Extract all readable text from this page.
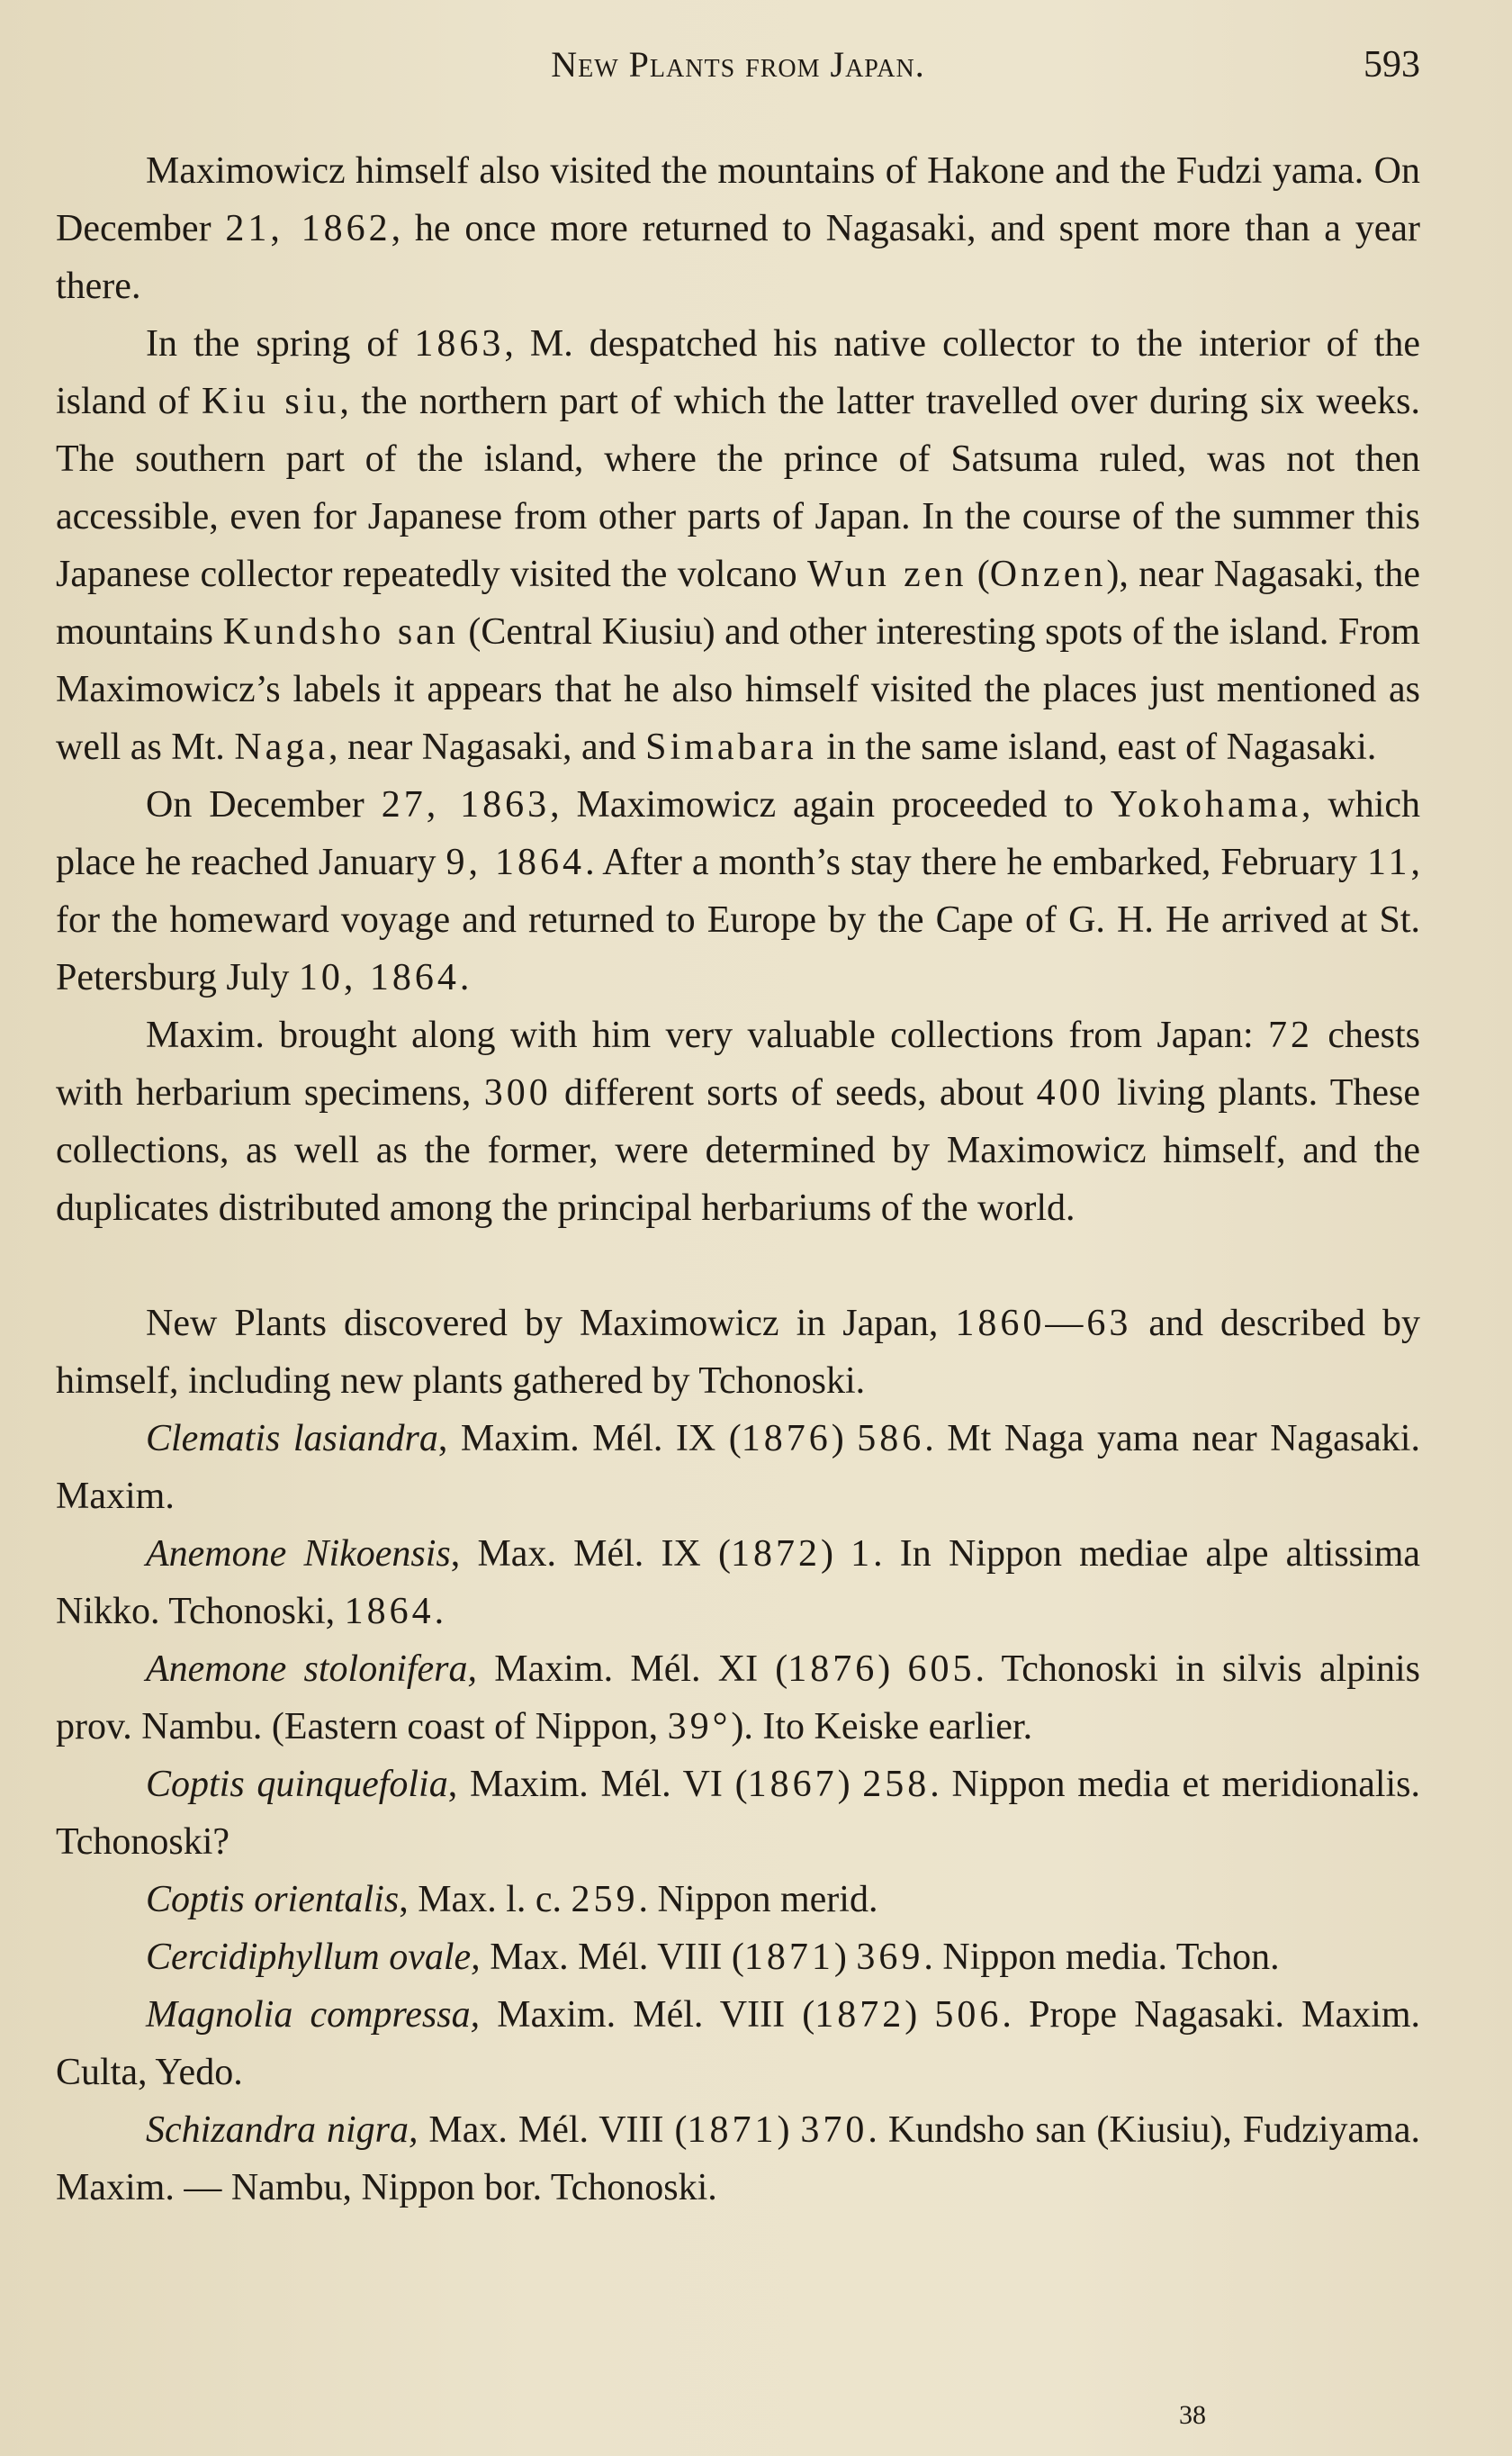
New Plants from Japan.	593

Maximowicz himself also visited the mountains of Hakone and the Fudzi yama. On December 21, 1862, he once more returned to Nagasaki, and spent more than a year there.

In the spring of 1863, M. despatched his native collector to the interior of the island of Kiu siu, the northern part of which the latter travelled over during six weeks. The southern part of the island, where the prince of Satsuma ruled, was not then accessible, even for Japanese from other parts of Japan. In the course of the summer this Japanese collector repeatedly visited the volcano Wun zen (Onzen), near Nagasaki, the mountains Kundsho san (Central Kiusiu) and other interesting spots of the island. From Maximowicz’s labels it appears that he also himself visited the places just mentioned as well as Mt. Naga, near Nagasaki, and Simabara in the same island, east of Nagasaki.

On December 27, 1863, Maximowicz again proceeded to Yokohama, which place he reached January 9, 1864. After a month’s stay there he embarked, February 11, for the homeward voyage and returned to Europe by the Cape of G. H. He arrived at St. Petersburg July 10, 1864.

Maxim. brought along with him very valuable collections from Japan: 72 chests with herbarium specimens, 300 different sorts of seeds, about 400 living plants. These collections, as well as the former, were determined by Maximowicz himself, and the duplicates distributed among the principal herbariums of the world.

New Plants discovered by Maximowicz in Japan, 1860—63 and described by himself, including new plants gathered by Tchonoski.

Clematis lasiandra, Maxim. Mél. IX (1876) 586. Mt Naga yama near Nagasaki. Maxim.

Anemone Nikoensis, Max. Mél. IX (1872) 1. In Nippon mediae alpe altissima Nikko. Tchonoski, 1864.

Anemone stolonifera, Maxim. Mél. XI (1876) 605. Tchonoski in silvis alpinis prov. Nambu. (Eastern coast of Nippon, 39°). Ito Keiske earlier.

Coptis quinquefolia, Maxim. Mél. VI (1867) 258. Nippon media et meridionalis. Tchonoski?

Coptis orientalis, Max. l. c. 259. Nippon merid.

Cercidiphyllum ovale, Max. Mél. VIII (1871) 369. Nippon media. Tchon.

Magnolia compressa, Maxim. Mél. VIII (1872) 506. Prope Nagasaki. Maxim. Culta, Yedo.

Schizandra nigra, Max. Mél. VIII (1871) 370. Kundsho san (Kiusiu), Fudziyama. Maxim. — Nambu, Nippon bor. Tchonoski.

38
